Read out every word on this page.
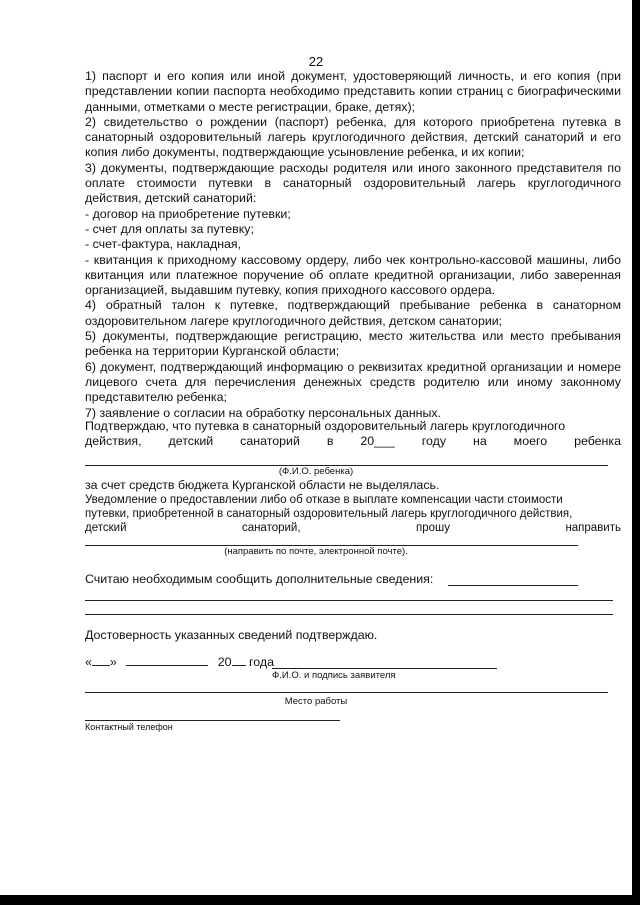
22

1) паспорт и его копия или иной документ, удостоверяющий личность, и его копия (при представлении копии паспорта необходимо представить копии страниц с биографическими данными, отметками о месте регистрации, браке, детях);

2) свидетельство о рождении (паспорт) ребенка, для которого приобретена путевка в санаторный оздоровительный лагерь круглогодичного действия, детский санаторий и его копия либо документы, подтверждающие усыновление ребенка, и их копии;

3) документы, подтверждающие расходы родителя или иного законного представителя по оплате стоимости путевки в санаторный оздоровительный лагерь круглогодичного действия, детский санаторий:

- договор на приобретение путевки;

- счет для оплаты за путевку;

- счет-фактура, накладная,

- квитанция к приходному кассовому ордеру, либо чек контрольно-кассовой машины, либо квитанция или платежное поручение об оплате кредитной организации, либо заверенная организацией, выдавшим путевку, копия приходного кассового ордера.

4) обратный талон к путевке, подтверждающий пребывание ребенка в санаторном оздоровительном лагере круглогодичного действия, детском санатории;

5) документы, подтверждающие регистрацию, место жительства или место пребывания ребенка на территории Курганской области;

6) документ, подтверждающий информацию о реквизитах кредитной организации и номере лицевого счета для перечисления денежных средств родителю или иному законному представителю ребенка;

7) заявление о согласии на обработку персональных данных.

Подтверждаю, что путевка в санаторный оздоровительный лагерь круглогодичного

действия, детский санаторий в 20___ году на моего ребенка
(Ф.И.О. ребенка)

за счет средств бюджета Курганской области не выделялась.

Уведомление о предоставлении либо об отказе в выплате компенсации части стоимости

путевки, приобретенной в санаторный оздоровительный лагерь круглогодичного действия,

детский	санаторий,	прошу	направить
(направить по почте, электронной почте).
Считаю необходимым сообщить дополнительные сведения:
Достоверность указанных сведений подтверждаю.
« »	20 года
Ф.И.О. и подпись заявителя
Место работы
Контактный телефон
